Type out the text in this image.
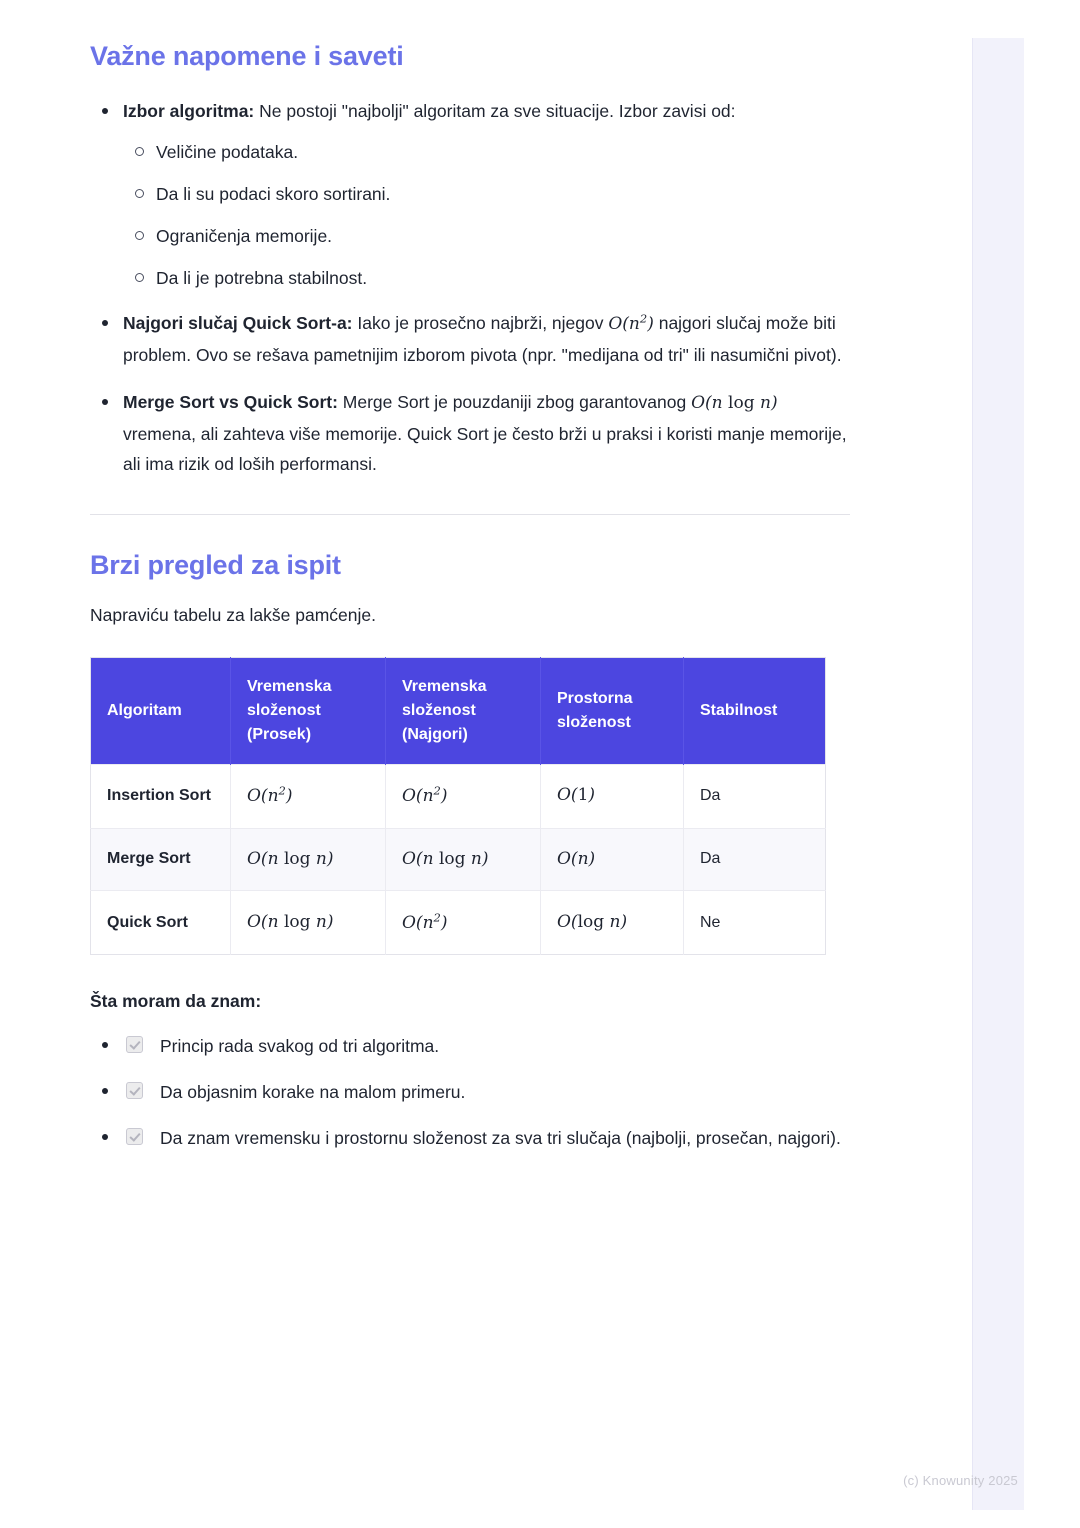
Važne napomene i saveti
Izbor algoritma: Ne postoji "najbolji" algoritam za sve situacije. Izbor zavisi od:
Veličine podataka.
Da li su podaci skoro sortirani.
Ograničenja memorije.
Da li je potrebna stabilnost.
Najgori slučaj Quick Sort-a: Iako je prosečno najbrži, njegov $O(n^2)$ najgori slučaj može biti problem. Ovo se rešava pametnijim izborom pivota (npr. "medijana od tri" ili nasumični pivot).
Merge Sort vs Quick Sort: Merge Sort je pouzdaniji zbog garantovanog O(n log n) vremena, ali zahteva više memorije. Quick Sort je često brži u praksi i koristi manje memorije, ali ima rizik od loših performansi.
Brzi pregled za ispit

Napraviću tabelu za lakše pamćenje.

Algoritam	Vremenska složenost (Prosek)	Vremenska složenost (Najgori)	Prostorna složenost	Stabilnost
Insertion Sort	$O(n^2)$	$O(n^2)$	O(1)	Da
Merge Sort	O(n log n)	O(n log n)	O(n)	Da
Quick Sort	O(n log n)	$O(n^2)$	O(log n)	Ne
Šta moram da znam:
Princip rada svakog od tri algoritma.
Da objasnim korake na malom primeru.
Da znam vremensku i prostornu složenost za sva tri slučaja (najbolji, prosečan, najgori).
(c) Knowunity 2025
